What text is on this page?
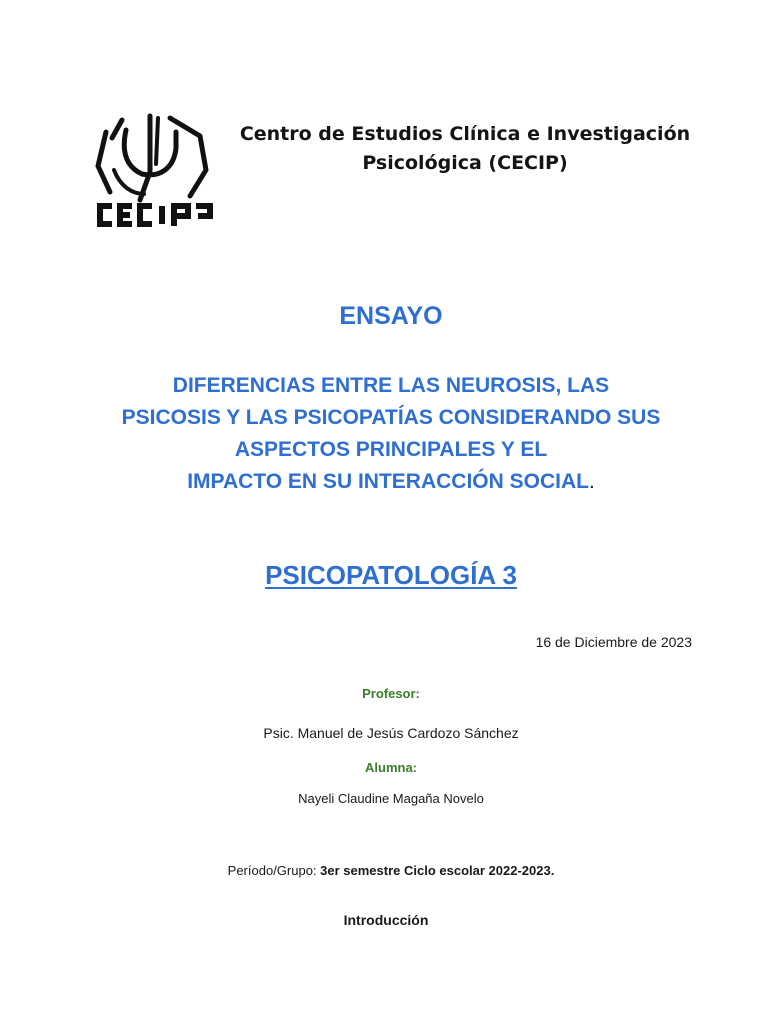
Centro de Estudios Clínica e Investigación
Psicológica (CECIP)
ENSAYO
DIFERENCIAS ENTRE LAS NEUROSIS, LAS
PSICOSIS Y LAS PSICOPATÍAS CONSIDERANDO SUS
ASPECTOS PRINCIPALES Y EL
IMPACTO EN SU INTERACCIÓN SOCIAL.
PSICOPATOLOGÍA 3
16 de Diciembre de 2023
Profesor:
Psic. Manuel de Jesús Cardozo Sánchez
Alumna:
Nayeli Claudine Magaña Novelo
Período/Grupo: 3er semestre Ciclo escolar 2022-2023.
Introducción
